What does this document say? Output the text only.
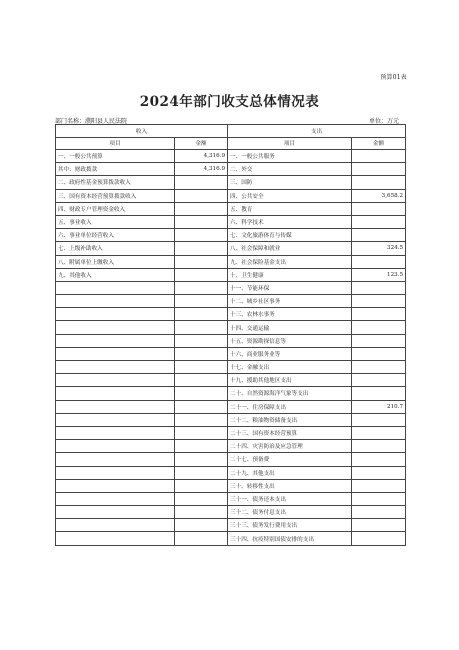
预算01表
2024年部门收支总体情况表
部门名称：濮阳县人民法院	单位：万元
收入		支出	
项目	金额	项目	金额
一、一般公共预算	4,316.9	一、一般公共服务	
其中：财政拨款	4,316.9	二、外交	
二、政府性基金预算拨款收入		三、国防	
三、国有资本经营预算拨款收入		四、公共安全	3,658.2
四、财政专户管理资金收入		五、教育	
五、事业收入		六、科学技术	
六、事业单位经营收入		七、文化旅游体育与传媒	
七、上级补助收入		八、社会保障和就业	324.5
八、附属单位上缴收入		九、社会保险基金支出	
九、其他收入		十、卫生健康	123.5
		十一、节能环保	
		十二、城乡社区事务	
		十三、农林水事务	
		十四、交通运输	
		十五、资源勘探信息等	
		十六、商业服务业等	
		十七、金融支出	
		十九、援助其他地区支出	
		二十、自然资源海洋气象等支出	
		二十一、住房保障支出	210.7
		二十二、粮油物资储备支出	
		二十三、国有资本经营预算	
		二十四、灾害防治及应急管理	
		二十七、预备费	
		二十九、其他支出	
		三十、转移性支出	
		三十一、债务还本支出	
		三十二、债务付息支出	
		三十三、债务发行费用支出	
		三十四、抗疫特别国债安排的支出	
